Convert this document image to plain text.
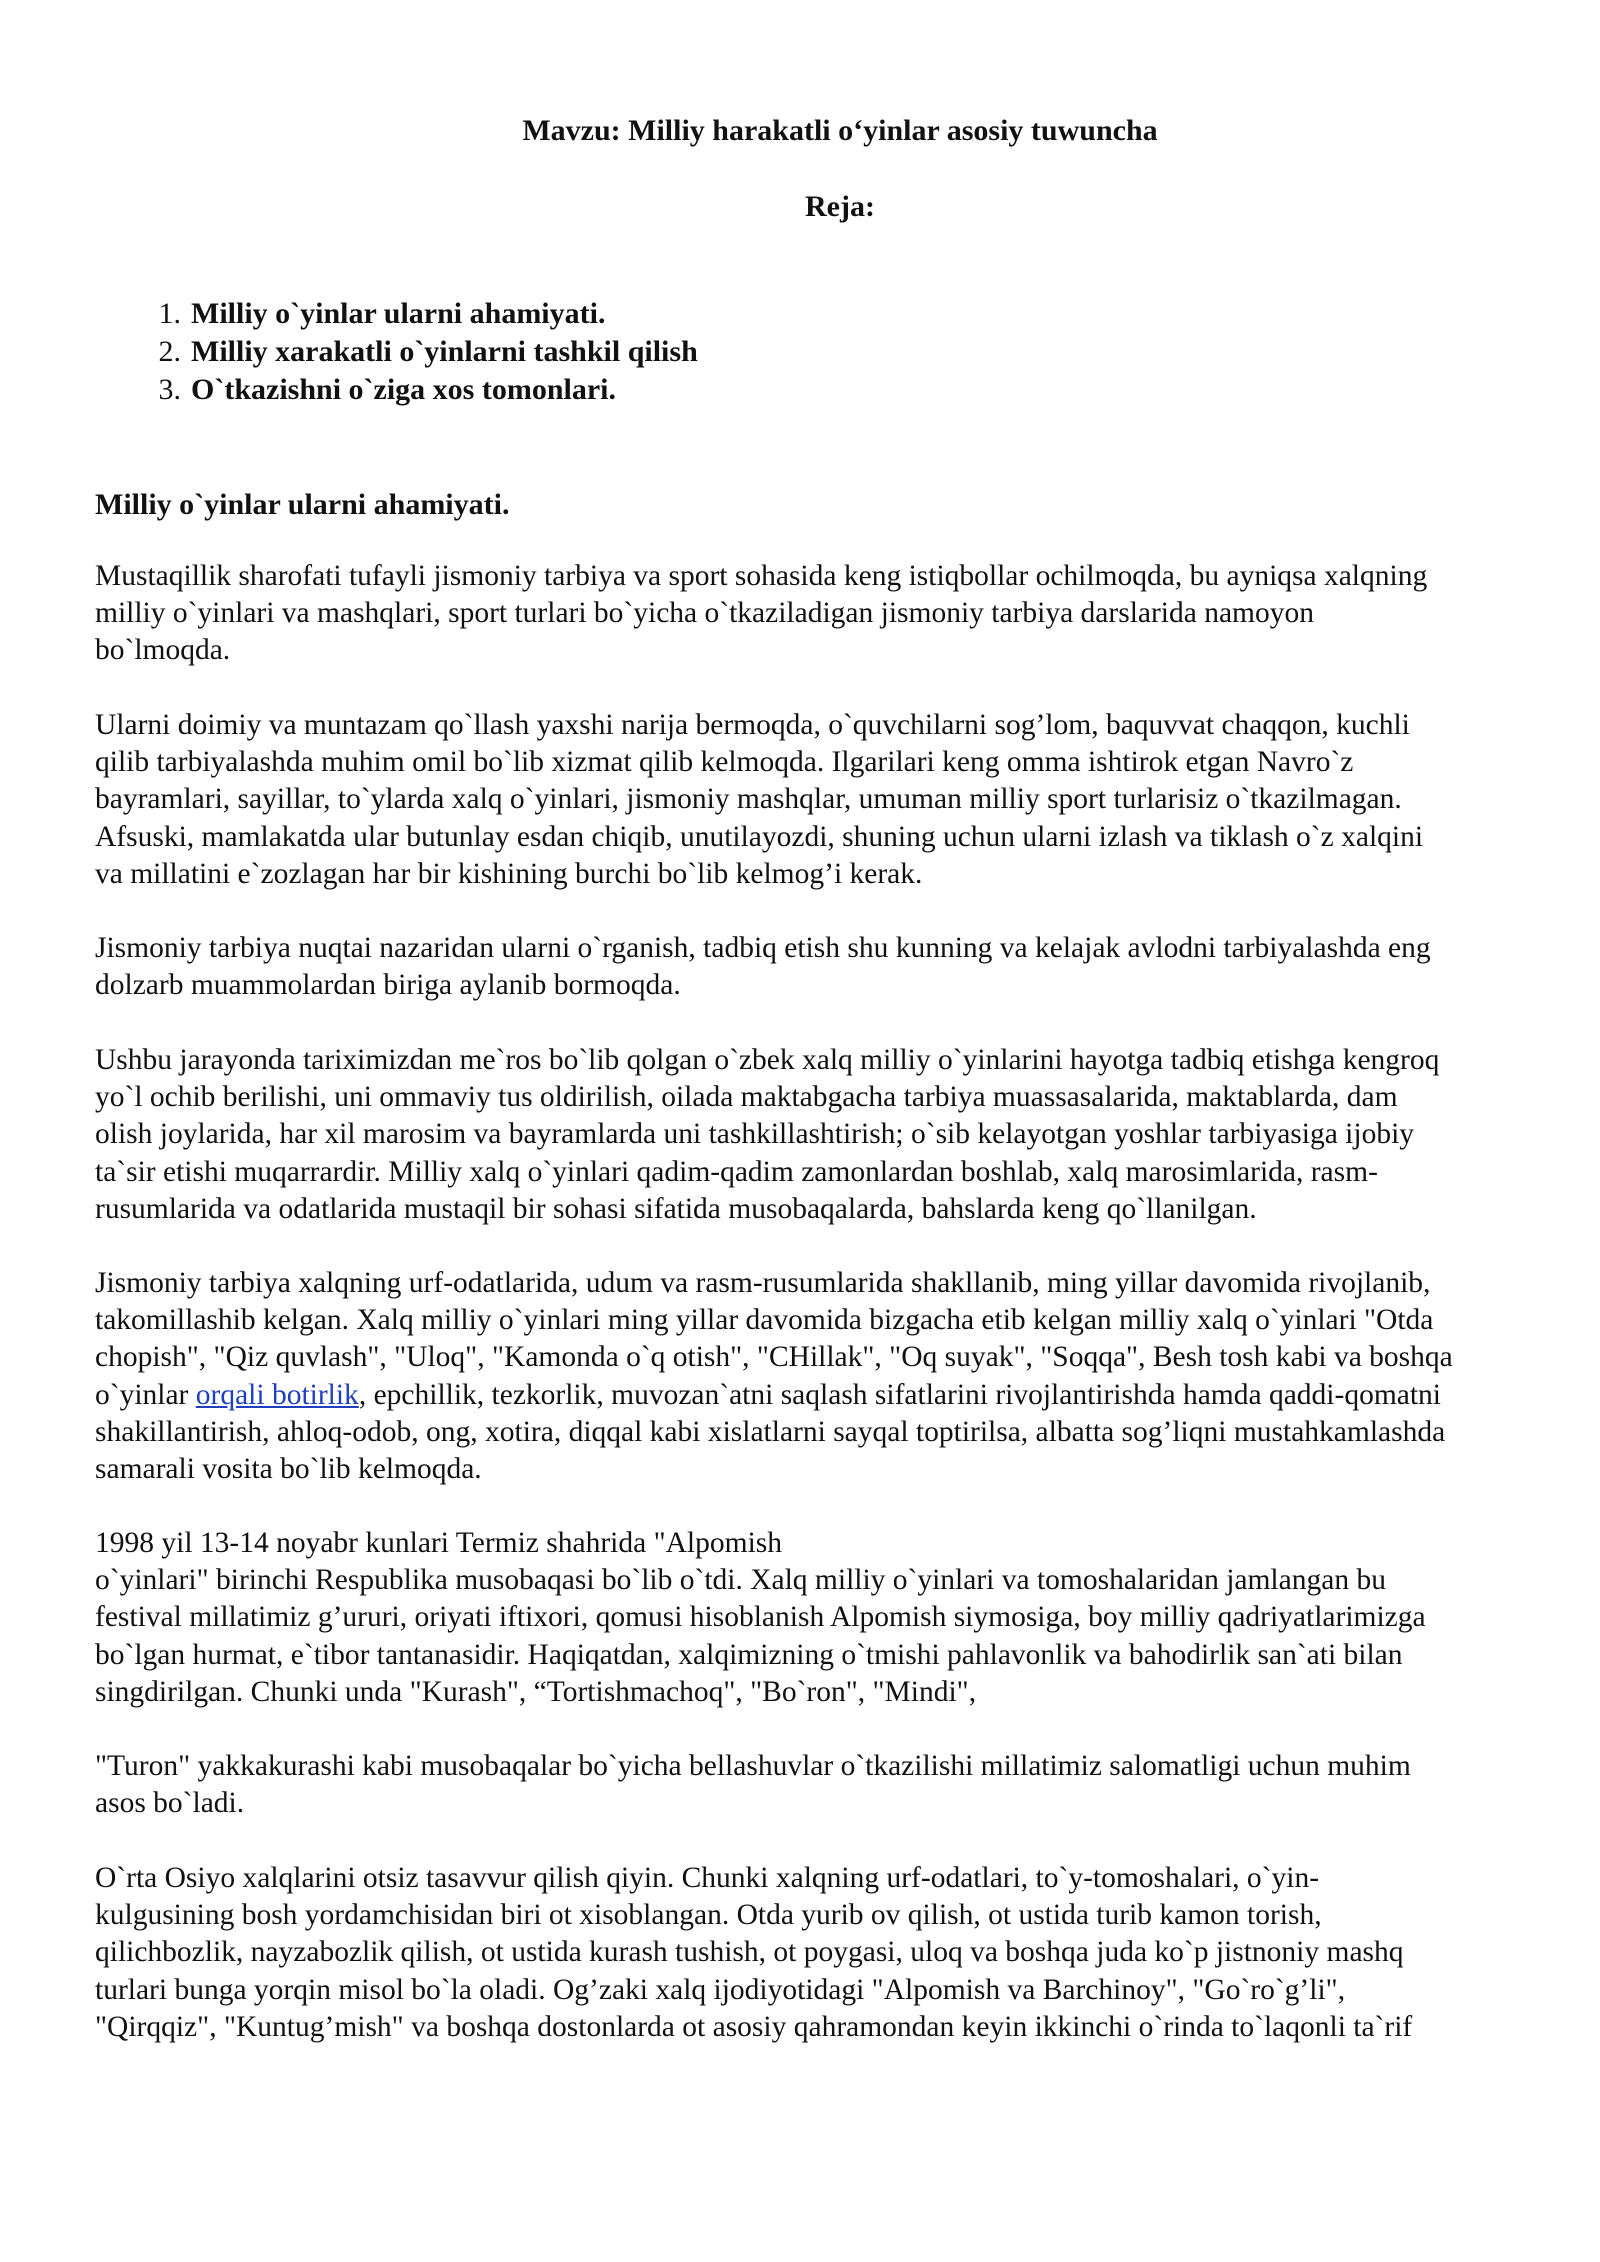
Mavzu: Milliy harakatli o‘yinlar asosiy tuwuncha
Reja:
1. Milliy o`yinlar ularni ahamiyati.
2. Milliy xarakatli o`yinlarni tashkil qilish
3. O`tkazishni o`ziga xos tomonlari.
Milliy o`yinlar ularni ahamiyati.
Mustaqillik sharofati tufayli jismoniy tarbiya va sport sohasida keng istiqbollar ochilmoqda, bu ayniqsa xalqning
milliy o`yinlari va mashqlari, sport turlari bo`yicha o`tkaziladigan jismoniy tarbiya darslarida namoyon
bo`lmoqda.
Ularni doimiy va muntazam qo`llash yaxshi narija bermoqda, o`quvchilarni sog’lom, baquvvat chaqqon, kuchli
qilib tarbiyalashda muhim omil bo`lib xizmat qilib kelmoqda. Ilgarilari keng omma ishtirok etgan Navro`z
bayramlari, sayillar, to`ylarda xalq o`yinlari, jismoniy mashqlar, umuman milliy sport turlarisiz o`tkazilmagan.
Afsuski, mamlakatda ular butunlay esdan chiqib, unutilayozdi, shuning uchun ularni izlash va tiklash o`z xalqini
va millatini e`zozlagan har bir kishining burchi bo`lib kelmog’i kerak.
Jismoniy tarbiya nuqtai nazaridan ularni o`rganish, tadbiq etish shu kunning va kelajak avlodni tarbiyalashda eng
dolzarb muammolardan biriga aylanib bormoqda.
Ushbu jarayonda tariximizdan me`ros bo`lib qolgan o`zbek xalq milliy o`yinlarini hayotga tadbiq etishga kengroq
yo`l ochib berilishi, uni ommaviy tus oldirilish, oilada maktabgacha tarbiya muassasalarida, maktablarda, dam
olish joylarida, har xil marosim va bayramlarda uni tashkillashtirish; o`sib kelayotgan yoshlar tarbiyasiga ijobiy
ta`sir etishi muqarrardir. Milliy xalq o`yinlari qadim-qadim zamonlardan boshlab, xalq marosimlarida, rasm-
rusumlarida va odatlarida mustaqil bir sohasi sifatida musobaqalarda, bahslarda keng qo`llanilgan.
Jismoniy tarbiya xalqning urf-odatlarida, udum va rasm-rusumlarida shakllanib, ming yillar davomida rivojlanib,
takomillashib kelgan. Xalq milliy o`yinlari ming yillar davomida bizgacha etib kelgan milliy xalq o`yinlari "Otda
chopish", "Qiz quvlash", "Uloq", "Kamonda o`q otish", "CHillak", "Oq suyak", "Soqqa", Besh tosh kabi va boshqa
o`yinlar orqali botirlik, epchillik, tezkorlik, muvozan`atni saqlash sifatlarini rivojlantirishda hamda qaddi-qomatni
shakillantirish, ahloq-odob, ong, xotira, diqqal kabi xislatlarni sayqal toptirilsa, albatta sog’liqni mustahkamlashda
samarali vosita bo`lib kelmoqda.
1998 yil 13-14 noyabr kunlari Termiz shahrida "Alpomish
o`yinlari" birinchi Respublika musobaqasi bo`lib o`tdi. Xalq milliy o`yinlari va tomoshalaridan jamlangan bu
festival millatimiz g’ururi, oriyati iftixori, qomusi hisoblanish Alpomish siymosiga, boy milliy qadriyatlarimizga
bo`lgan hurmat, e`tibor tantanasidir. Haqiqatdan, xalqimizning o`tmishi pahlavonlik va bahodirlik san`ati bilan
singdirilgan. Chunki unda "Kurash", “Tortishmachoq", "Bo`ron", "Mindi",
"Turon" yakkakurashi kabi musobaqalar bo`yicha bellashuvlar o`tkazilishi millatimiz salomatligi uchun muhim
asos bo`ladi.
O`rta Osiyo xalqlarini otsiz tasavvur qilish qiyin. Chunki xalqning urf-odatlari, to`y-tomoshalari, o`yin-
kulgusining bosh yordamchisidan biri ot xisoblangan. Otda yurib ov qilish, ot ustida turib kamon torish,
qilichbozlik, nayzabozlik qilish, ot ustida kurash tushish, ot poygasi, uloq va boshqa juda ko`p jistnoniy mashq
turlari bunga yorqin misol bo`la oladi. Og’zaki xalq ijodiyotidagi "Alpomish va Barchinoy", "Go`ro`g’li",
"Qirqqiz", "Kuntug’mish" va boshqa dostonlarda ot asosiy qahramondan keyin ikkinchi o`rinda to`laqonli ta`rif
